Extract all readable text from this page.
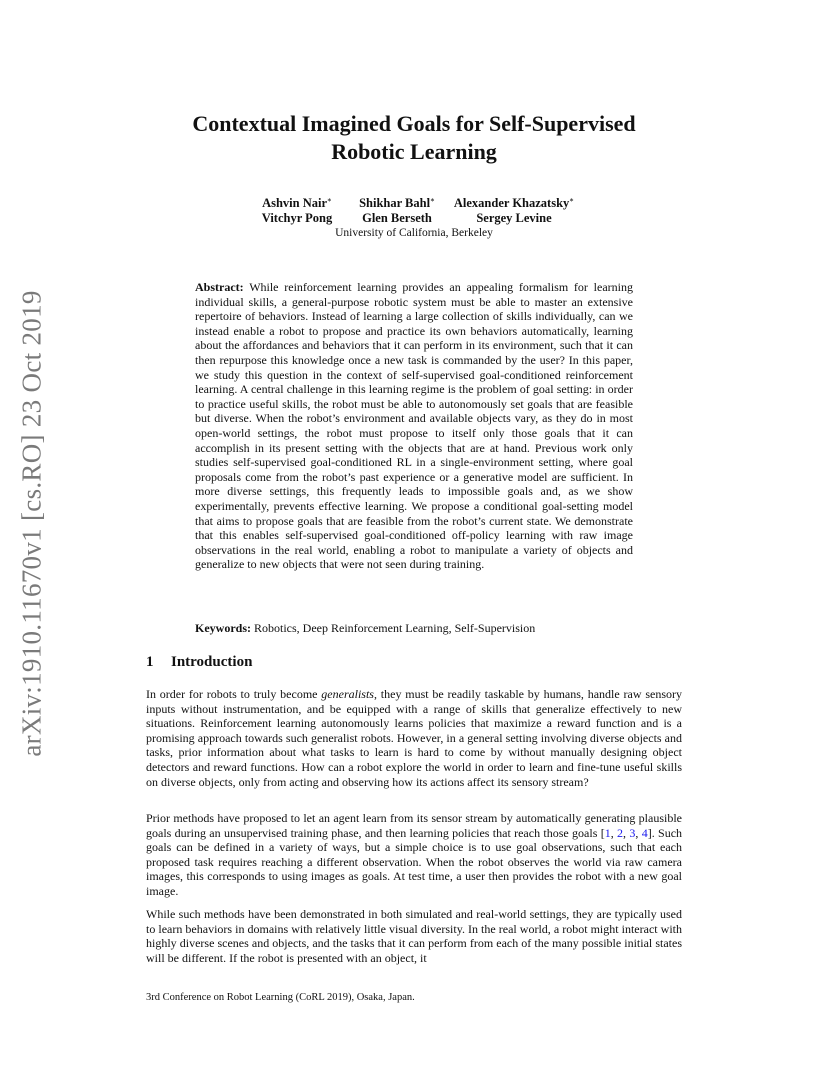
arXiv:1910.11670v1 [cs.RO] 23 Oct 2019
Contextual Imagined Goals for Self-Supervised
Robotic Learning
Ashvin Nair∗	Shikhar Bahl∗	Alexander Khazatsky∗
Vitchyr Pong	Glen Berseth	Sergey Levine
University of California, Berkeley

Abstract: While reinforcement learning provides an appealing formalism for learning individual skills, a general-purpose robotic system must be able to master an extensive repertoire of behaviors. Instead of learning a large collection of skills individually, can we instead enable a robot to propose and practice its own behaviors automatically, learning about the affordances and behaviors that it can perform in its environment, such that it can then repurpose this knowledge once a new task is commanded by the user? In this paper, we study this question in the context of self-supervised goal-conditioned reinforcement learning. A central challenge in this learning regime is the problem of goal setting: in order to practice useful skills, the robot must be able to autonomously set goals that are feasible but diverse. When the robot’s environment and available objects vary, as they do in most open-world settings, the robot must propose to itself only those goals that it can accomplish in its present setting with the objects that are at hand. Previous work only studies self-supervised goal-conditioned RL in a single-environment setting, where goal proposals come from the robot’s past experience or a generative model are sufficient. In more diverse settings, this frequently leads to impossible goals and, as we show experimentally, prevents effective learning. We propose a conditional goal-setting model that aims to propose goals that are feasible from the robot’s current state. We demonstrate that this enables self-supervised goal-conditioned off-policy learning with raw image observations in the real world, enabling a robot to manipulate a variety of objects and generalize to new objects that were not seen during training.

Keywords: Robotics, Deep Reinforcement Learning, Self-Supervision

1 Introduction

In order for robots to truly become generalists, they must be readily taskable by humans, handle raw sensory inputs without instrumentation, and be equipped with a range of skills that generalize effectively to new situations. Reinforcement learning autonomously learns policies that maximize a reward function and is a promising approach towards such generalist robots. However, in a general setting involving diverse objects and tasks, prior information about what tasks to learn is hard to come by without manually designing object detectors and reward functions. How can a robot explore the world in order to learn and fine-tune useful skills on diverse objects, only from acting and observing how its actions affect its sensory stream?

Prior methods have proposed to let an agent learn from its sensor stream by automatically generating plausible goals during an unsupervised training phase, and then learning policies that reach those goals [1, 2, 3, 4]. Such goals can be defined in a variety of ways, but a simple choice is to use goal observations, such that each proposed task requires reaching a different observation. When the robot observes the world via raw camera images, this corresponds to using images as goals. At test time, a user then provides the robot with a new goal image.

While such methods have been demonstrated in both simulated and real-world settings, they are typically used to learn behaviors in domains with relatively little visual diversity. In the real world, a robot might interact with highly diverse scenes and objects, and the tasks that it can perform from each of the many possible initial states will be different. If the robot is presented with an object, it

3rd Conference on Robot Learning (CoRL 2019), Osaka, Japan.
